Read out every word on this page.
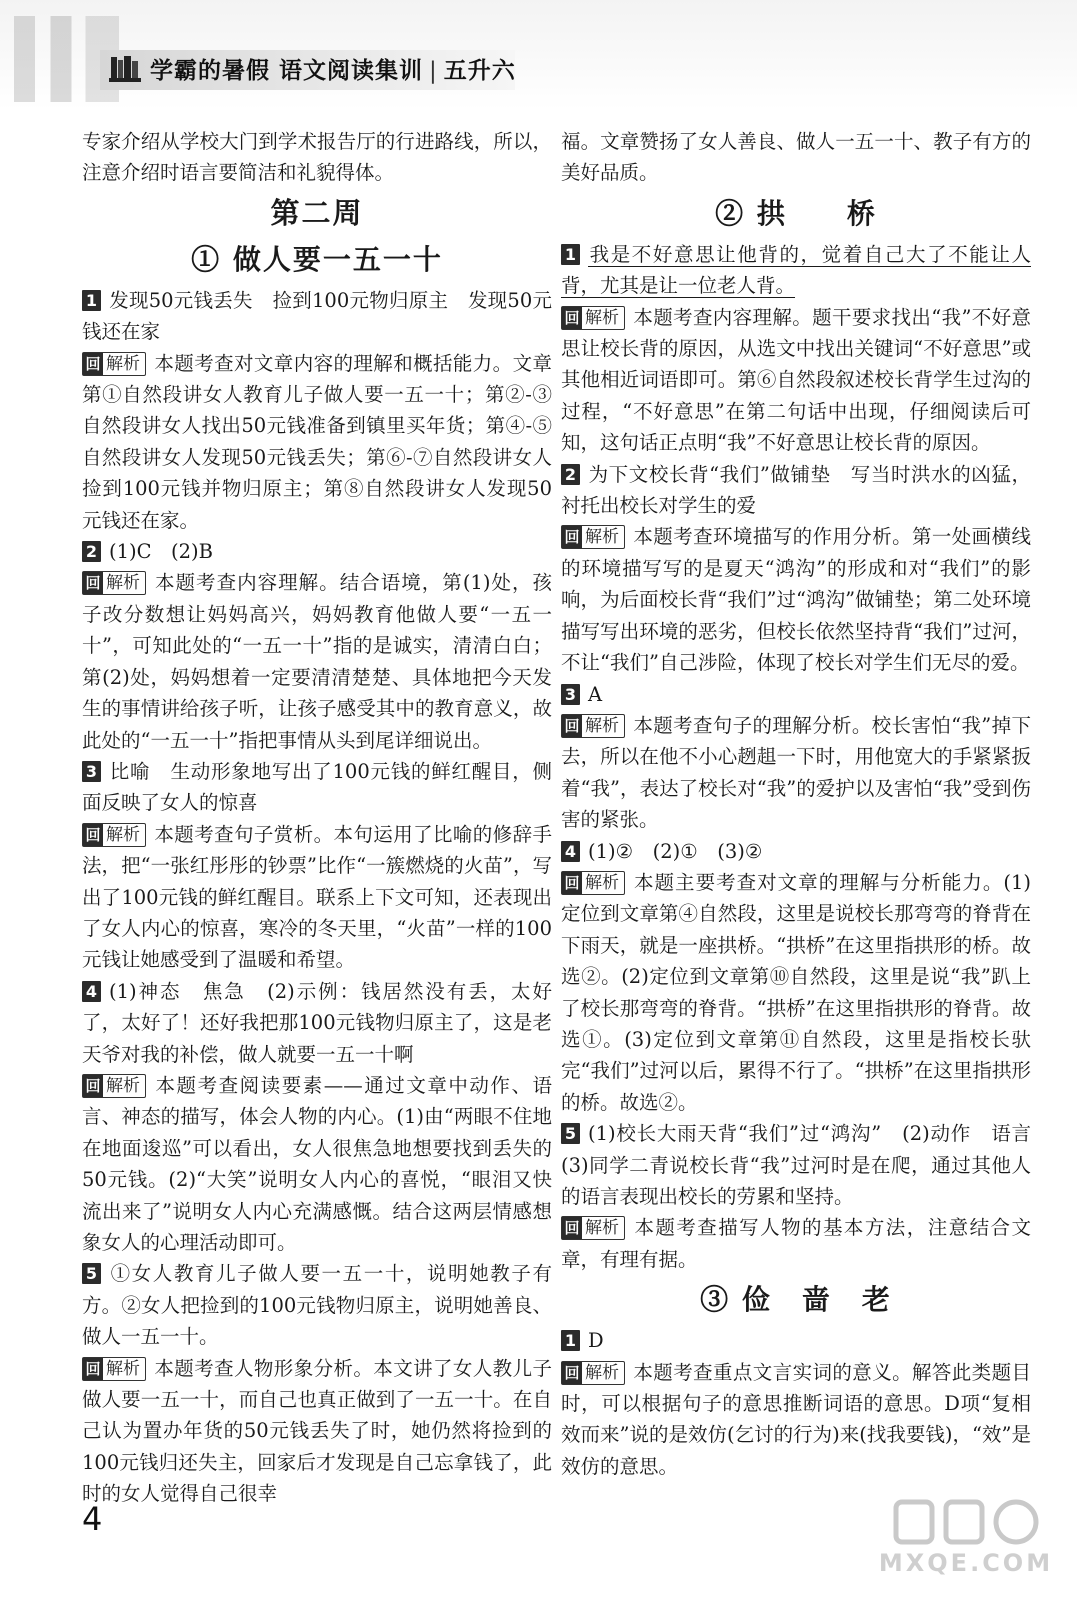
学霸的暑假 语文阅读集训 | 五升六

专家介绍从学校大门到学术报告厅的行进路线，所以，注意介绍时语言要简洁和礼貌得体。

第二周
① 做人要一五一十

1 发现50元钱丢失　捡到100元物归原主　发现50元钱还在家

回 解析 本题考查对文章内容的理解和概括能力。文章第①自然段讲女人教育儿子做人要一五一十；第②-③自然段讲女人找出50元钱准备到镇里买年货；第④-⑤自然段讲女人发现50元钱丢失；第⑥-⑦自然段讲女人捡到100元钱并物归原主；第⑧自然段讲女人发现50元钱还在家。

2 (1)C　(2)B

回 解析 本题考查内容理解。结合语境，第(1)处，孩子改分数想让妈妈高兴，妈妈教育他做人要“一五一十”，可知此处的“一五一十”指的是诚实，清清白白；第(2)处，妈妈想着一定要清清楚楚、具体地把今天发生的事情讲给孩子听，让孩子感受其中的教育意义，故此处的“一五一十”指把事情从头到尾详细说出。

3 比喻　生动形象地写出了100元钱的鲜红醒目，侧面反映了女人的惊喜

回 解析 本题考查句子赏析。本句运用了比喻的修辞手法，把“一张红彤彤的钞票”比作“一簇燃烧的火苗”，写出了100元钱的鲜红醒目。联系上下文可知，还表现出了女人内心的惊喜，寒冷的冬天里，“火苗”一样的100元钱让她感受到了温暖和希望。

4 (1)神态　焦急　(2)示例：钱居然没有丢，太好了，太好了！还好我把那100元钱物归原主了，这是老天爷对我的补偿，做人就要一五一十啊

回 解析 本题考查阅读要素——通过文章中动作、语言、神态的描写，体会人物的内心。(1)由“两眼不住地在地面逡巡”可以看出，女人很焦急地想要找到丢失的50元钱。(2)“大笑”说明女人内心的喜悦，“眼泪又快流出来了”说明女人内心充满感慨。结合这两层情感想象女人的心理活动即可。

5 ①女人教育儿子做人要一五一十，说明她教子有方。②女人把捡到的100元钱物归原主，说明她善良、做人一五一十。

回 解析 本题考查人物形象分析。本文讲了女人教儿子做人要一五一十，而自己也真正做到了一五一十。在自己认为置办年货的50元钱丢失了时，她仍然将捡到的100元钱归还失主，回家后才发现是自己忘拿钱了，此时的女人觉得自己很幸

福。文章赞扬了女人善良、做人一五一十、教子有方的美好品质。

② 拱　　桥

1 我是不好意思让他背的，觉着自己大了不能让人背，尤其是让一位老人背。

回 解析 本题考查内容理解。题干要求找出“我”不好意思让校长背的原因，从选文中找出关键词“不好意思”或其他相近词语即可。第⑥自然段叙述校长背学生过沟的过程，“不好意思”在第二句话中出现，仔细阅读后可知，这句话正点明“我”不好意思让校长背的原因。

2 为下文校长背“我们”做铺垫　写当时洪水的凶猛，衬托出校长对学生的爱

回 解析 本题考查环境描写的作用分析。第一处画横线的环境描写写的是夏天“鸿沟”的形成和对“我们”的影响，为后面校长背“我们”过“鸿沟”做铺垫；第二处环境描写写出环境的恶劣，但校长依然坚持背“我们”过河，不让“我们”自己涉险，体现了校长对学生们无尽的爱。

3 A

回 解析 本题考查句子的理解分析。校长害怕“我”掉下去，所以在他不小心趔趄一下时，用他宽大的手紧紧扳着“我”，表达了校长对“我”的爱护以及害怕“我”受到伤害的紧张。

4 (1)②　(2)①　(3)②

回 解析 本题主要考查对文章的理解与分析能力。(1)定位到文章第④自然段，这里是说校长那弯弯的脊背在下雨天，就是一座拱桥。“拱桥”在这里指拱形的桥。故选②。(2)定位到文章第⑩自然段，这里是说“我”趴上了校长那弯弯的脊背。“拱桥”在这里指拱形的脊背。故选①。(3)定位到文章第⑪自然段，这里是指校长驮完“我们”过河以后，累得不行了。“拱桥”在这里指拱形的桥。故选②。

5 (1)校长大雨天背“我们”过“鸿沟”　(2)动作　语言　(3)同学二青说校长背“我”过河时是在爬，通过其他人的语言表现出校长的劳累和坚持。

回 解析 本题考查描写人物的基本方法，注意结合文章，有理有据。

③ 俭　啬　老

1 D

回 解析 本题考查重点文言实词的意义。解答此类题目时，可以根据句子的意思推断词语的意思。D项“复相效而来”说的是效仿(乞讨的行为)来(找我要钱)，“效”是效仿的意思。

4
MXQE.COM
